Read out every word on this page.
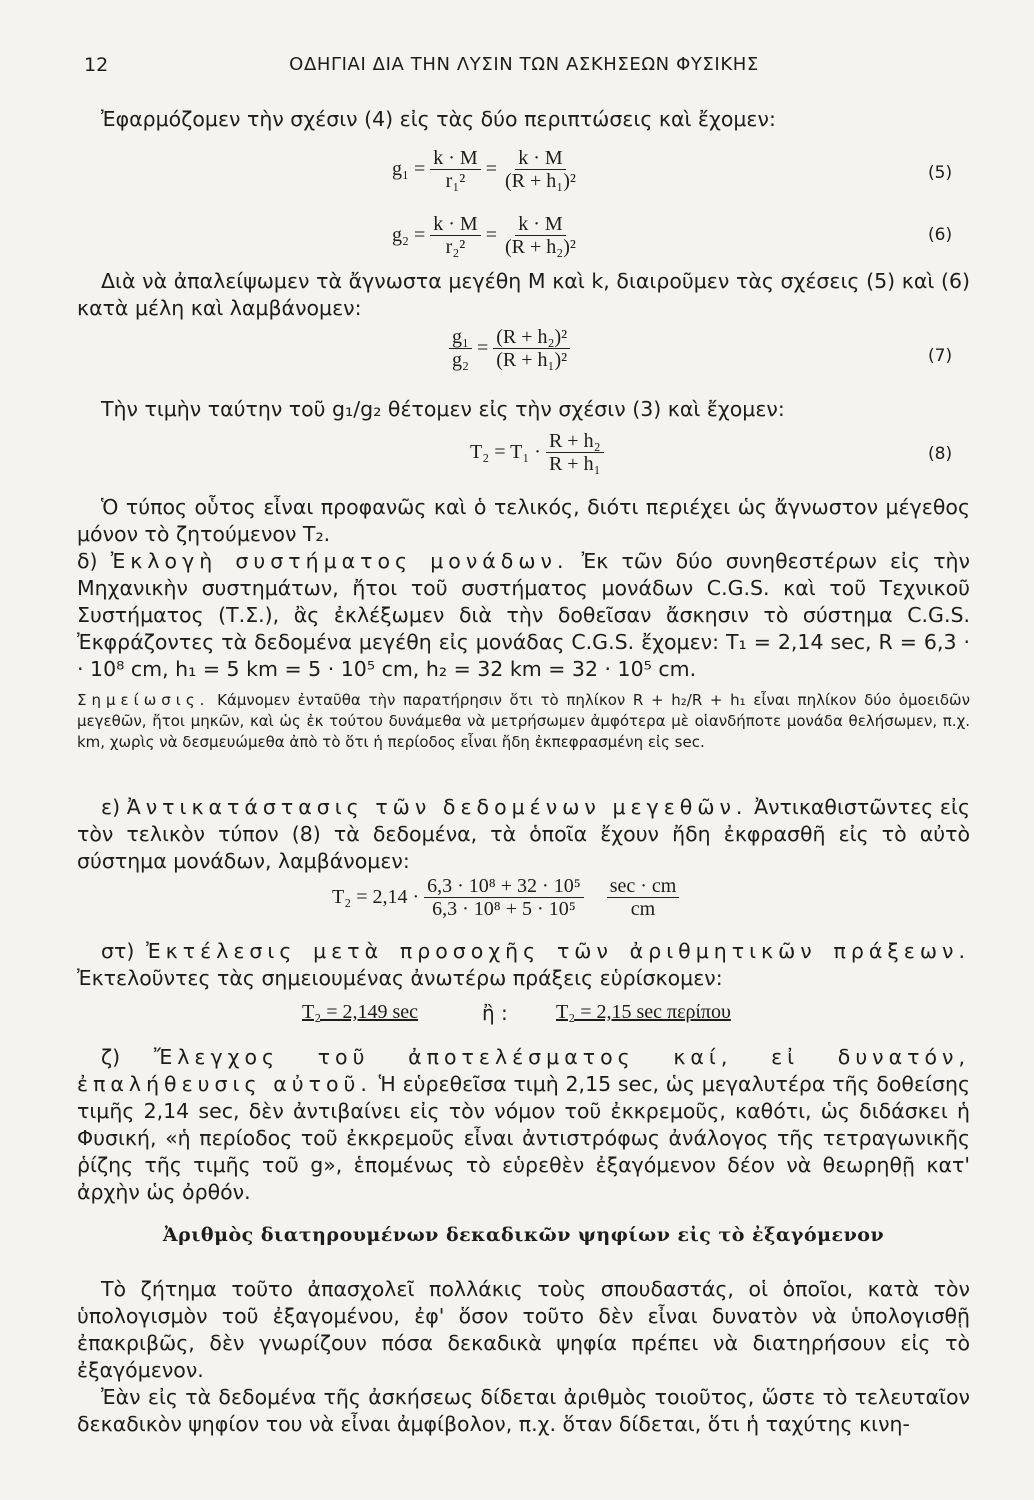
12	ΟΔΗΓΙΑΙ ΔΙΑ ΤΗΝ ΛΥΣΙΝ ΤΩΝ ΑΣΚΗΣΕΩΝ ΦΥΣΙΚΗΣ
Ἐφαρμόζομεν τὴν σχέσιν (4) εἰς τὰς δύο περιπτώσεις καὶ ἔχομεν:
$g_1 = \frac{k \cdot M}{\text{r₁²}} = \frac{k \cdot M}{\text{(R + h₁)²}}$	(5)
$g_2 = \frac{k \cdot M}{\text{r₂²}} = \frac{k \cdot M}{\text{(R + h₂)²}}$	(6)
Διὰ νὰ ἀπαλείψωμεν τὰ ἄγνωστα μεγέθη M καὶ k, διαιροῦμεν τὰς σχέσεις (5) καὶ (6) κατὰ μέλη καὶ λαμβάνομεν:
$\frac{\text{g₁}}{\text{g₂}} = \frac{\text{(R + h₂)²}}{\text{(R + h₁)²}}$	(7)
Τὴν τιμὴν ταύτην τοῦ g₁/g₂ θέτομεν εἰς τὴν σχέσιν (3) καὶ ἔχομεν:
$T_2 = T_1 \cdot \frac{\text{R + h₂}}{\text{R + h₁}}$	(8)
Ὁ τύπος οὗτος εἶναι προφανῶς καὶ ὁ τελικός, διότι περιέχει ὡς ἄγνωστον μέγεθος μόνον τὸ ζητούμενον T₂.
δ) Ἐκλογὴ συστήματος μονάδων. Ἐκ τῶν δύο συνηθεστέρων εἰς τὴν Μηχανικὴν συστημάτων, ἤτοι τοῦ συστήματος μονάδων C.G.S. καὶ τοῦ Τεχνικοῦ Συστήματος (Τ.Σ.), ἂς ἐκλέξωμεν διὰ τὴν δοθεῖσαν ἄσκησιν τὸ σύστημα C.G.S. Ἐκφράζοντες τὰ δεδομένα μεγέθη εἰς μονάδας C.G.S. ἔχομεν: T₁ = 2,14 sec, R = 6,3 · · 10⁸ cm, h₁ = 5 km = 5 · 10⁵ cm, h₂ = 32 km = 32 · 10⁵ cm.
Σημείωσις. Κάμνομεν ἐνταῦθα τὴν παρατήρησιν ὅτι τὸ πηλίκον R + h₂/R + h₁ εἶναι πηλίκον δύο ὁμοειδῶν μεγεθῶν, ἤτοι μηκῶν, καὶ ὡς ἐκ τούτου δυνάμεθα νὰ μετρήσωμεν ἀμφότερα μὲ οἱανδήποτε μονάδα θελήσωμεν, π.χ. km, χωρὶς νὰ δεσμευώμεθα ἀπὸ τὸ ὅτι ἡ περίοδος εἶναι ἤδη ἐκπεφρασμένη εἰς sec.
ε) Ἀντικατάστασις τῶν δεδομένων μεγεθῶν. Ἀντικαθιστῶντες εἰς τὸν τελικὸν τύπον (8) τὰ δεδομένα, τὰ ὁποῖα ἔχουν ἤδη ἐκφρασθῆ εἰς τὸ αὐτὸ σύστημα μονάδων, λαμβάνομεν:
$T_2 = 2,14 \cdot \frac{\text{6,3 · 10⁸ + 32 · 10⁵}}{\text{6,3 · 10⁸ + 5 · 10⁵}} \frac{\sec \cdot cm}{cm}$
στ) Ἐκτέλεσις μετὰ προσοχῆς τῶν ἀριθμητικῶν πράξεων. Ἐκτελοῦντες τὰς σημειουμένας ἀνωτέρω πράξεις εὑρίσκομεν:
T₂ = 2,149 sec	ἢ : T₂ = 2,15 sec περίπου
ζ) Ἔλεγχος τοῦ ἀποτελέσματος καί, εἰ δυνατόν, ἐπαλήθευσις αὐτοῦ. Ἡ εὑρεθεῖσα τιμὴ 2,15 sec, ὡς μεγαλυτέρα τῆς δοθείσης τιμῆς 2,14 sec, δὲν ἀντιβαίνει εἰς τὸν νόμον τοῦ ἐκκρεμοῦς, καθότι, ὡς διδάσκει ἡ Φυσική, «ἡ περίοδος τοῦ ἐκκρεμοῦς εἶναι ἀντιστρόφως ἀνάλογος τῆς τετραγωνικῆς ῥίζης τῆς τιμῆς τοῦ g», ἑπομένως τὸ εὑρεθὲν ἐξαγόμενον δέον νὰ θεωρηθῇ κατ' ἀρχὴν ὡς ὀρθόν.
Ἀριθμὸς διατηρουμένων δεκαδικῶν ψηφίων εἰς τὸ ἐξαγόμενον
Τὸ ζήτημα τοῦτο ἀπασχολεῖ πολλάκις τοὺς σπουδαστάς, οἱ ὁποῖοι, κατὰ τὸν ὑπολογισμὸν τοῦ ἐξαγομένου, ἐφ' ὅσον τοῦτο δὲν εἶναι δυνατὸν νὰ ὑπολογισθῇ ἐπακριβῶς, δὲν γνωρίζουν πόσα δεκαδικὰ ψηφία πρέπει νὰ διατηρήσουν εἰς τὸ ἐξαγόμενον.
Ἐὰν εἰς τὰ δεδομένα τῆς ἀσκήσεως δίδεται ἀριθμὸς τοιοῦτος, ὥστε τὸ τελευταῖον δεκαδικὸν ψηφίον του νὰ εἶναι ἀμφίβολον, π.χ. ὅταν δίδεται, ὅτι ἡ ταχύτης κινη-
